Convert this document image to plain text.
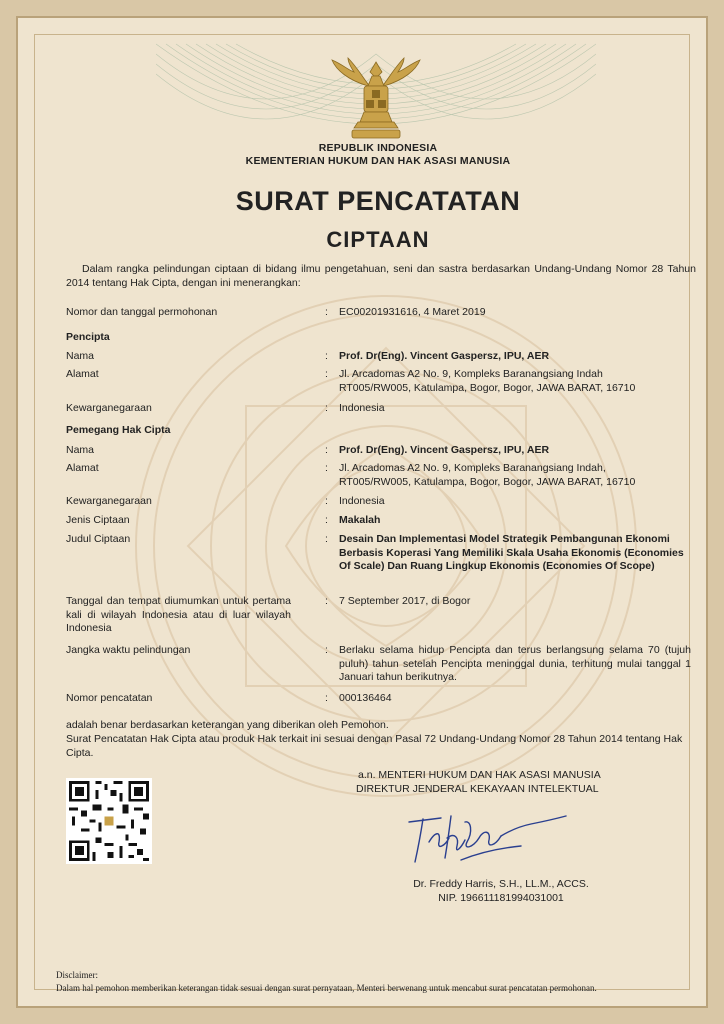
REPUBLIK INDONESIA
KEMENTERIAN HUKUM DAN HAK ASASI MANUSIA
SURAT PENCATATAN
CIPTAAN
Dalam rangka pelindungan ciptaan di bidang ilmu pengetahuan, seni dan sastra berdasarkan Undang-Undang Nomor 28 Tahun 2014 tentang Hak Cipta, dengan ini menerangkan:
Nomor dan tanggal permohonan	: EC00201931616, 4 Maret 2019
Pencipta
Nama	: Prof. Dr(Eng). Vincent Gaspersz, IPU, AER
Alamat	: Jl. Arcadomas A2 No. 9, Kompleks Baranangsiang Indah
RT005/RW005, Katulampa, Bogor, Bogor, JAWA BARAT, 16710
Kewarganegaraan	: Indonesia
Pemegang Hak Cipta
Nama	: Prof. Dr(Eng). Vincent Gaspersz, IPU, AER
Alamat	: Jl. Arcadomas A2 No. 9, Kompleks Baranangsiang Indah,
RT005/RW005, Katulampa, Bogor, Bogor, JAWA BARAT, 16710
Kewarganegaraan	: Indonesia
Jenis Ciptaan	: Makalah
Judul Ciptaan	: Desain Dan Implementasi Model Strategik Pembangunan Ekonomi Berbasis Koperasi Yang Memiliki Skala Usaha Ekonomis (Economies Of Scale) Dan Ruang Lingkup Ekonomis (Economies Of Scope)
Tanggal dan tempat diumumkan untuk pertama kali di wilayah Indonesia atau di luar wilayah Indonesia
: 7 September 2017, di Bogor
Jangka waktu pelindungan	: Berlaku selama hidup Pencipta dan terus berlangsung selama 70 (tujuh puluh) tahun setelah Pencipta meninggal dunia, terhitung mulai tanggal 1 Januari tahun berikutnya.
Nomor pencatatan	: 000136464
adalah benar berdasarkan keterangan yang diberikan oleh Pemohon.
Surat Pencatatan Hak Cipta atau produk Hak terkait ini sesuai dengan Pasal 72 Undang-Undang Nomor 28 Tahun 2014 tentang Hak Cipta.
a.n. MENTERI HUKUM DAN HAK ASASI MANUSIA
DIREKTUR JENDERAL KEKAYAAN INTELEKTUAL
Dr. Freddy Harris, S.H., LL.M., ACCS.
NIP. 196611181994031001
Disclaimer:
Dalam hal pemohon memberikan keterangan tidak sesuai dengan surat pernyataan, Menteri berwenang untuk mencabut surat pencatatan permohonan.
